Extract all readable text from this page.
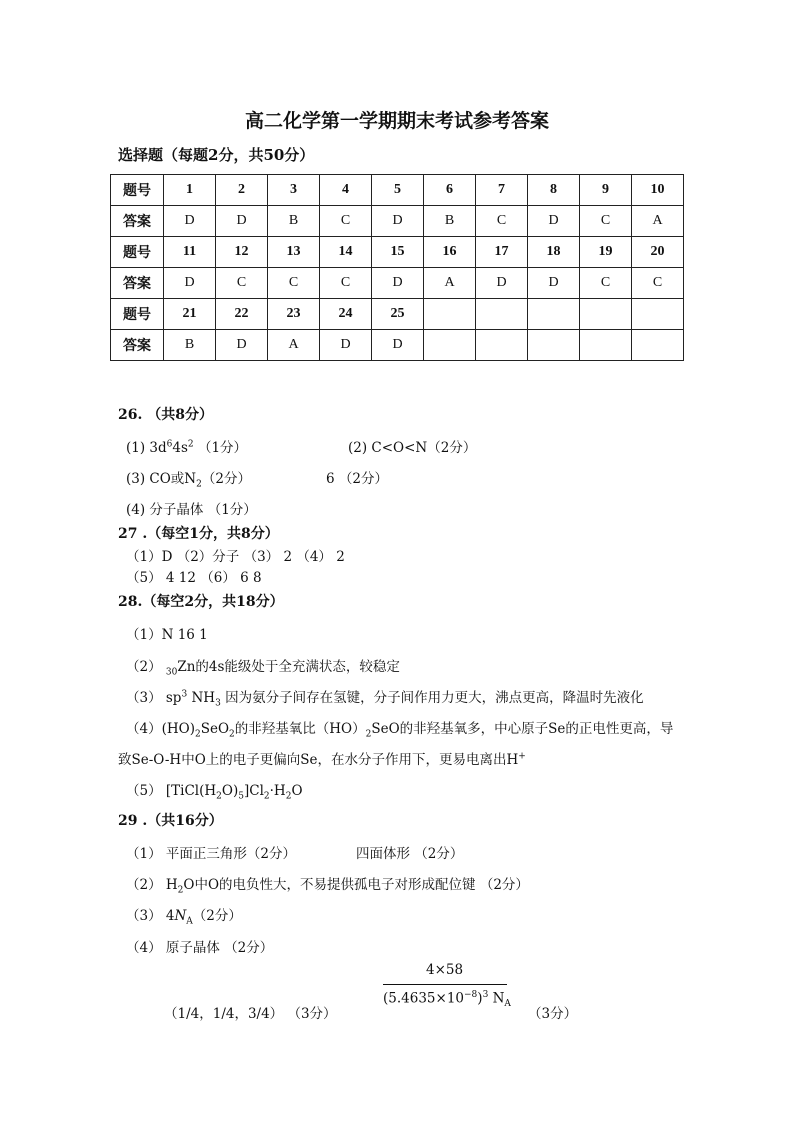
高二化学第一学期期末考试参考答案
选择题（每题2分，共50分）
题号	1	2	3	4	5	6	7	8	9	10
答案	D	D	B	C	D	B	C	D	C	A
题号	11	12	13	14	15	16	17	18	19	20
答案	D	C	C	C	D	A	D	D	C	C
题号	21	22	23	24	25					
答案	B	D	A	D	D					
26. （共8分）
(1) $3d^64s^2$ （1分）	(2) C<O<N（2分）
(3) CO或$N_2(2$分）	6 （2分）
(4) 分子晶体 （1分）
27 .（每空1分，共8分）
（1）D （2）分子 （3） 2 （4） 2
（5） 4 12 （6） 6 8
28.（每空2分，共18分）
（1）N 16 1
（2） $_{30}$Zn的4s能级处于全充满状态，较稳定
（3） $sp^3$ $NH_3$ 因为氨分子间存在氢键，分子间作用力更大，沸点更高，降温时先液化
$(4)(HO)_2SeO_2$的非羟基氧比$(HO)_2SeO$的非羟基氧多，中心原子Se的正电性更高，导
致Se-O-H中O上的电子更偏向Se，在水分子作用下，更易电离出H+
（5） $[TiCl(H_2O)_5]Cl_2\cdot H_2O$
29 .（共16分）
（1） 平面正三角形（2分）	四面体形 （2分）
（2） $H_2O$中O的电负性大，不易提供孤电子对形成配位键 （2分）
（3） $4N_A(2$分）
（4） 原子晶体 （2分）
（1/4，1/4，3/4） （3分）
4×58
$(5.4635\times 10^{-8})^3$ $N_A$
（3分）
